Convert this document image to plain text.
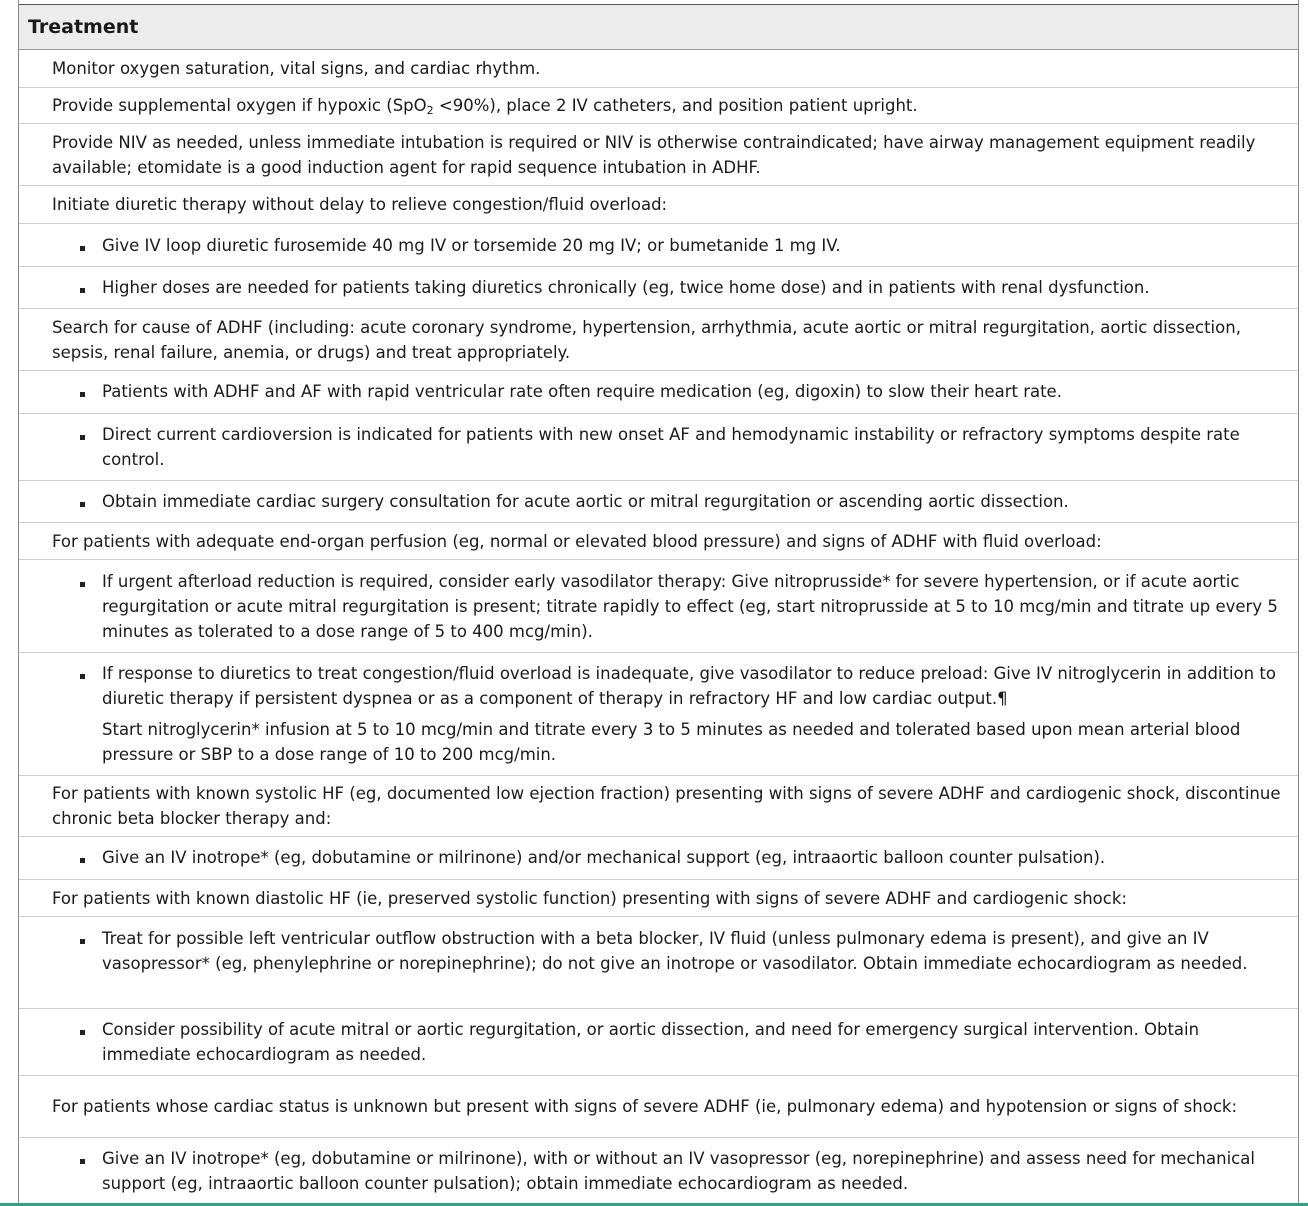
Treatment
Monitor oxygen saturation, vital signs, and cardiac rhythm.
Provide supplemental oxygen if hypoxic (SpO$_2$ <90%), place 2 IV catheters, and position patient upright.
Provide NIV as needed, unless immediate intubation is required or NIV is otherwise contraindicated; have airway management equipment readily available; etomidate is a good induction agent for rapid sequence intubation in ADHF.
Initiate diuretic therapy without delay to relieve congestion/fluid overload:
Give IV loop diuretic furosemide 40 mg IV or torsemide 20 mg IV; or bumetanide 1 mg IV.
Higher doses are needed for patients taking diuretics chronically (eg, twice home dose) and in patients with renal dysfunction.
Search for cause of ADHF (including: acute coronary syndrome, hypertension, arrhythmia, acute aortic or mitral regurgitation, aortic dissection, sepsis, renal failure, anemia, or drugs) and treat appropriately.
Patients with ADHF and AF with rapid ventricular rate often require medication (eg, digoxin) to slow their heart rate.
Direct current cardioversion is indicated for patients with new onset AF and hemodynamic instability or refractory symptoms despite rate control.
Obtain immediate cardiac surgery consultation for acute aortic or mitral regurgitation or ascending aortic dissection.
For patients with adequate end-organ perfusion (eg, normal or elevated blood pressure) and signs of ADHF with fluid overload:
If urgent afterload reduction is required, consider early vasodilator therapy: Give nitroprusside* for severe hypertension, or if acute aortic regurgitation or acute mitral regurgitation is present; titrate rapidly to effect (eg, start nitroprusside at 5 to 10 mcg/min and titrate up every 5 minutes as tolerated to a dose range of 5 to 400 mcg/min).

If response to diuretics to treat congestion/fluid overload is inadequate, give vasodilator to reduce preload: Give IV nitroglycerin in addition to diuretic therapy if persistent dyspnea or as a component of therapy in refractory HF and low cardiac output.¶

Start nitroglycerin* infusion at 5 to 10 mcg/min and titrate every 3 to 5 minutes as needed and tolerated based upon mean arterial blood pressure or SBP to a dose range of 10 to 200 mcg/min.

For patients with known systolic HF (eg, documented low ejection fraction) presenting with signs of severe ADHF and cardiogenic shock, discontinue chronic beta blocker therapy and:
Give an IV inotrope* (eg, dobutamine or milrinone) and/or mechanical support (eg, intraaortic balloon counter pulsation).
For patients with known diastolic HF (ie, preserved systolic function) presenting with signs of severe ADHF and cardiogenic shock:
Treat for possible left ventricular outflow obstruction with a beta blocker, IV fluid (unless pulmonary edema is present), and give an IV vasopressor* (eg, phenylephrine or norepinephrine); do not give an inotrope or vasodilator. Obtain immediate echocardiogram as needed.
Consider possibility of acute mitral or aortic regurgitation, or aortic dissection, and need for emergency surgical intervention. Obtain immediate echocardiogram as needed.
For patients whose cardiac status is unknown but present with signs of severe ADHF (ie, pulmonary edema) and hypotension or signs of shock:
Give an IV inotrope* (eg, dobutamine or milrinone), with or without an IV vasopressor (eg, norepinephrine) and assess need for mechanical support (eg, intraaortic balloon counter pulsation); obtain immediate echocardiogram as needed.
